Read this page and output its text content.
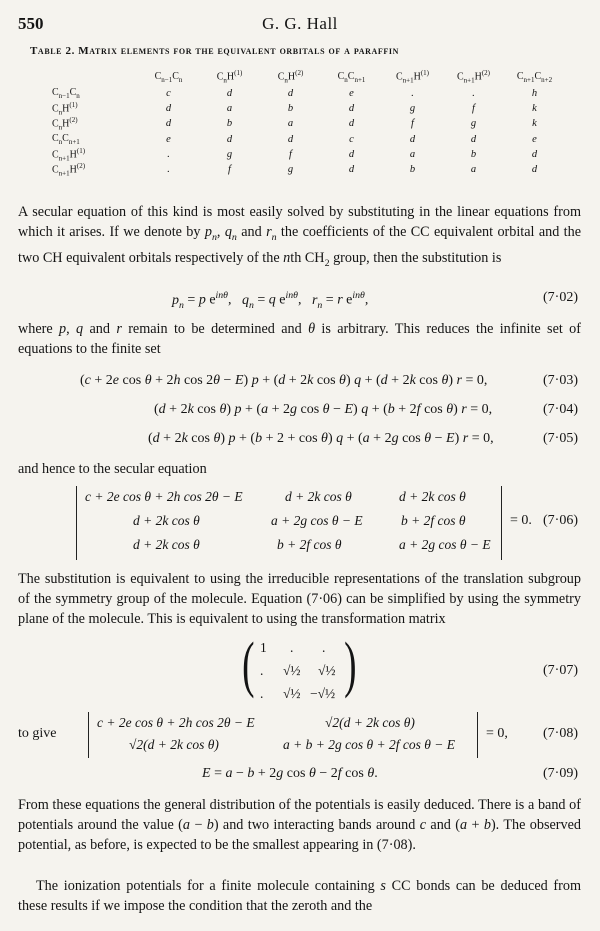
550	G. G. Hall
Table 2. Matrix elements for the equivalent orbitals of a paraffin
	$C_{n-1}C_n$	$C_nH^{(1)}$	$C_nH^{(2)}$	$C_nC_{n+1}$	$C_{n+1}H^{(1)}$	$C_{n+1}H^{(2)}$	$C_{n+1}C_{n+2}$
$C_{n-1}C_n$	c	d	d	e	.	.	h
$C_nH^{(1)}$	d	a	b	d	g	f	k
$C_nH^{(2)}$	d	b	a	d	f	g	k
$C_nC_{n+1}$	e	d	d	c	d	d	e
$C_{n+1}H^{(1)}$	.	g	f	d	a	b	d
$C_{n+1}H^{(2)}$	.	f	g	d	b	a	d
A secular equation of this kind is most easily solved by substituting in the linear equations from which it arises. If we denote by $p_n$, $q_n$ and $r_n$ the coefficients of the CC equivalent orbital and the two CH equivalent orbitals respectively of the nth $CH_2$ group, then the substitution is
$p_n = p$ $e^{in\theta}$,   $q_n = q$ $e^{in\theta}$,   $r_n = r$ $e^{in\theta}$,	(7·02)
where p, q and r remain to be determined and θ is arbitrary. This reduces the infinite set of equations to the finite set
(c + 2e cos θ + 2h cos 2θ − E) p + (d + 2k cos θ) q + (d + 2k cos θ) r = 0,	(7·03)
(d + 2k cos θ) p + (a + 2g cos θ − E) q + (b + 2f cos θ) r = 0,	(7·04)
(d + 2k cos θ) p + (b + 2 + cos θ) q + (a + 2g cos θ − E) r = 0,	(7·05)
and hence to the secular equation
c + 2e cos θ + 2h cos 2θ − E	d + 2k cos θ	d + 2k cos θ
d + 2k cos θ	a + 2g cos θ − E	b + 2f cos θ
d + 2k cos θ	b + 2f cos θ	a + 2g cos θ − E
= 0. (7·06)
The substitution is equivalent to using the irreducible representations of the translation subgroup of the symmetry group of the molecule. Equation (7·06) can be simplified by using the symmetry plane of the molecule. This is equivalent to using the transformation matrix
( )
1 . .
. √½ √½
. √½ −√½
(7·07)
to give
c + 2e cos θ + 2h cos 2θ − E	√2(d + 2k cos θ)
√2(d + 2k cos θ)	a + b + 2g cos θ + 2f cos θ − E
= 0,	(7·08)
E = a − b + 2g cos θ − 2f cos θ.	(7·09)
From these equations the general distribution of the potentials is easily deduced. There is a band of potentials around the value (a − b) and two interacting bands around c and (a + b). The observed potential, as before, is expected to be the smallest appearing in (7·08).
The ionization potentials for a finite molecule containing s CC bonds can be deduced from these results if we impose the condition that the zeroth and the
